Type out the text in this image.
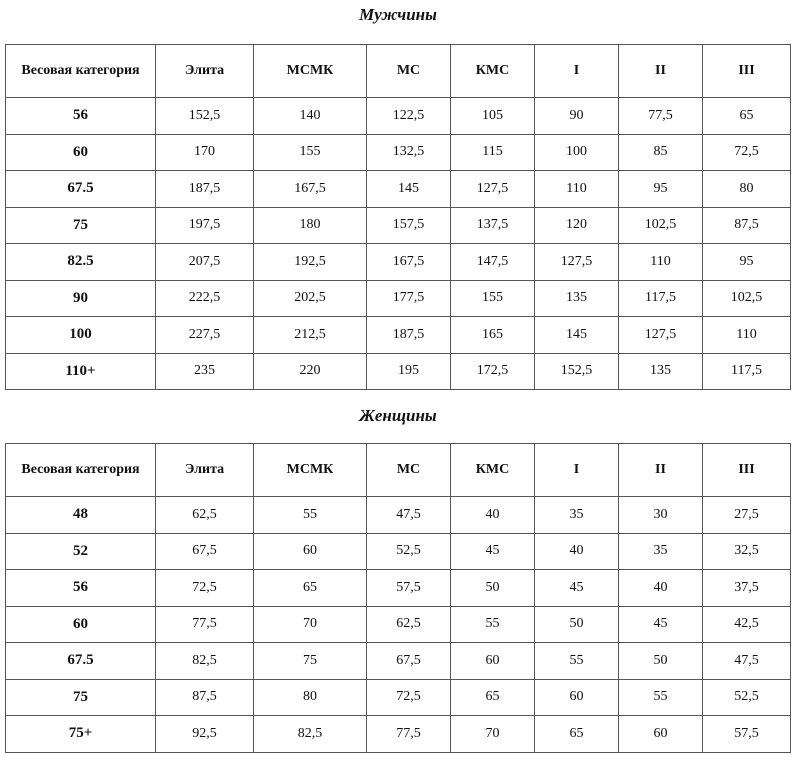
Мужчины
Весовая категория	Элита	МСМК	МС	КМС	I	II	III
56	152,5	140	122,5	105	90	77,5	65
60	170	155	132,5	115	100	85	72,5
67.5	187,5	167,5	145	127,5	110	95	80
75	197,5	180	157,5	137,5	120	102,5	87,5
82.5	207,5	192,5	167,5	147,5	127,5	110	95
90	222,5	202,5	177,5	155	135	117,5	102,5
100	227,5	212,5	187,5	165	145	127,5	110
110+	235	220	195	172,5	152,5	135	117,5
Женщины
Весовая категория	Элита	МСМК	МС	КМС	I	II	III
48	62,5	55	47,5	40	35	30	27,5
52	67,5	60	52,5	45	40	35	32,5
56	72,5	65	57,5	50	45	40	37,5
60	77,5	70	62,5	55	50	45	42,5
67.5	82,5	75	67,5	60	55	50	47,5
75	87,5	80	72,5	65	60	55	52,5
75+	92,5	82,5	77,5	70	65	60	57,5
